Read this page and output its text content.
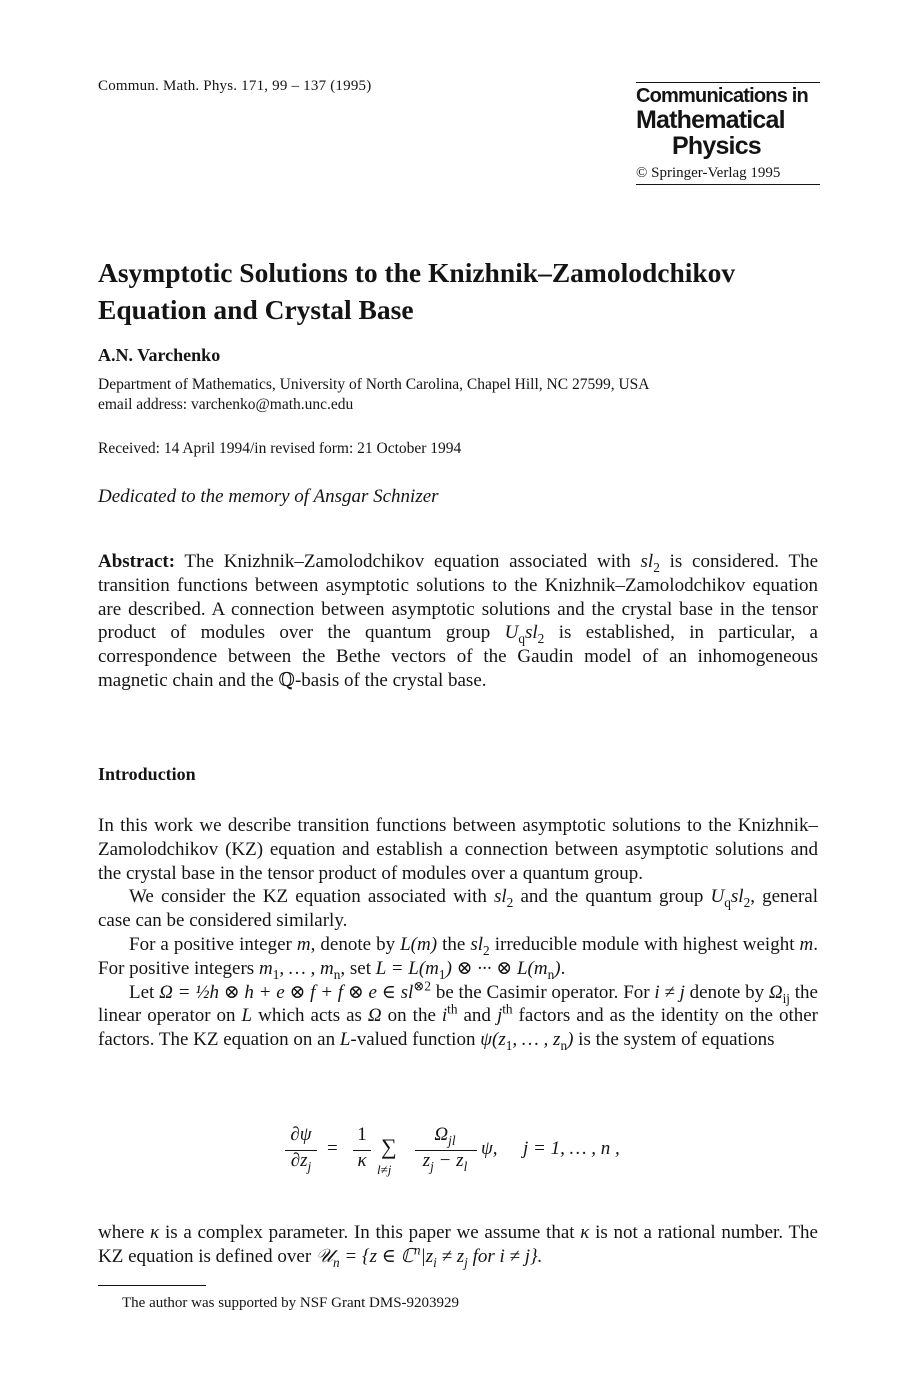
Commun. Math. Phys. 171, 99 – 137 (1995)	Communications in
Mathematical
Physics
© Springer-Verlag 1995
Asymptotic Solutions to the Knizhnik–Zamolodchikov
Equation and Crystal Base
A.N. Varchenko
Department of Mathematics, University of North Carolina, Chapel Hill, NC 27599, USA
email address: varchenko@math.unc.edu
Received: 14 April 1994/in revised form: 21 October 1994
Dedicated to the memory of Ansgar Schnizer
Abstract: The Knizhnik–Zamolodchikov equation associated with $sl_2$ is considered. The transition functions between asymptotic solutions to the Knizhnik–Zamolodchikov equation are described. A connection between asymptotic solutions and the crystal base in the tensor product of modules over the quantum group $U_qsl_2$ is established, in particular, a correspondence between the Bethe vectors of the Gaudin model of an inhomogeneous magnetic chain and the ℚ-basis of the crystal base.
Introduction

In this work we describe transition functions between asymptotic solutions to the Knizhnik–Zamolodchikov (KZ) equation and establish a connection between asymptotic solutions and the crystal base in the tensor product of modules over a quantum group.

We consider the KZ equation associated with $sl_2$ and the quantum group $U_qsl_2$, general case can be considered similarly.

For a positive integer m, denote by L(m) the $sl_2$ irreducible module with highest weight m. For positive integers $m_1$, … , $m_n$, set $L = L(m_1)$ ⊗ ··· ⊗ $L(m_n)$.

Let Ω = ½h ⊗ h + e ⊗ f + f ⊗ e ∈ $sl^{\otimes 2}$ be the Casimir operator. For i ≠ j denote by $\Omega_{ij}$ the linear operator on L which acts as Ω on the $i^{th}$ and $j^{th}$ factors and as the identity on the other factors. The KZ equation on an L-valued function $\psi(z_1$, … , $z_n$) is the system of equations

∂ψ
$\partial z_j$
=
1
κ
∑
l≠j
$\Omega_{jl}$
$z_j - z_l$
ψ, j = 1, … , n ,
where κ is a complex parameter. In this paper we assume that κ is not a rational number. The KZ equation is defined over 𝒰$_n$ = {z ∈ $ℂ^n|z_i \ne z_j$ for i ≠ j}.
The author was supported by NSF Grant DMS-9203929
